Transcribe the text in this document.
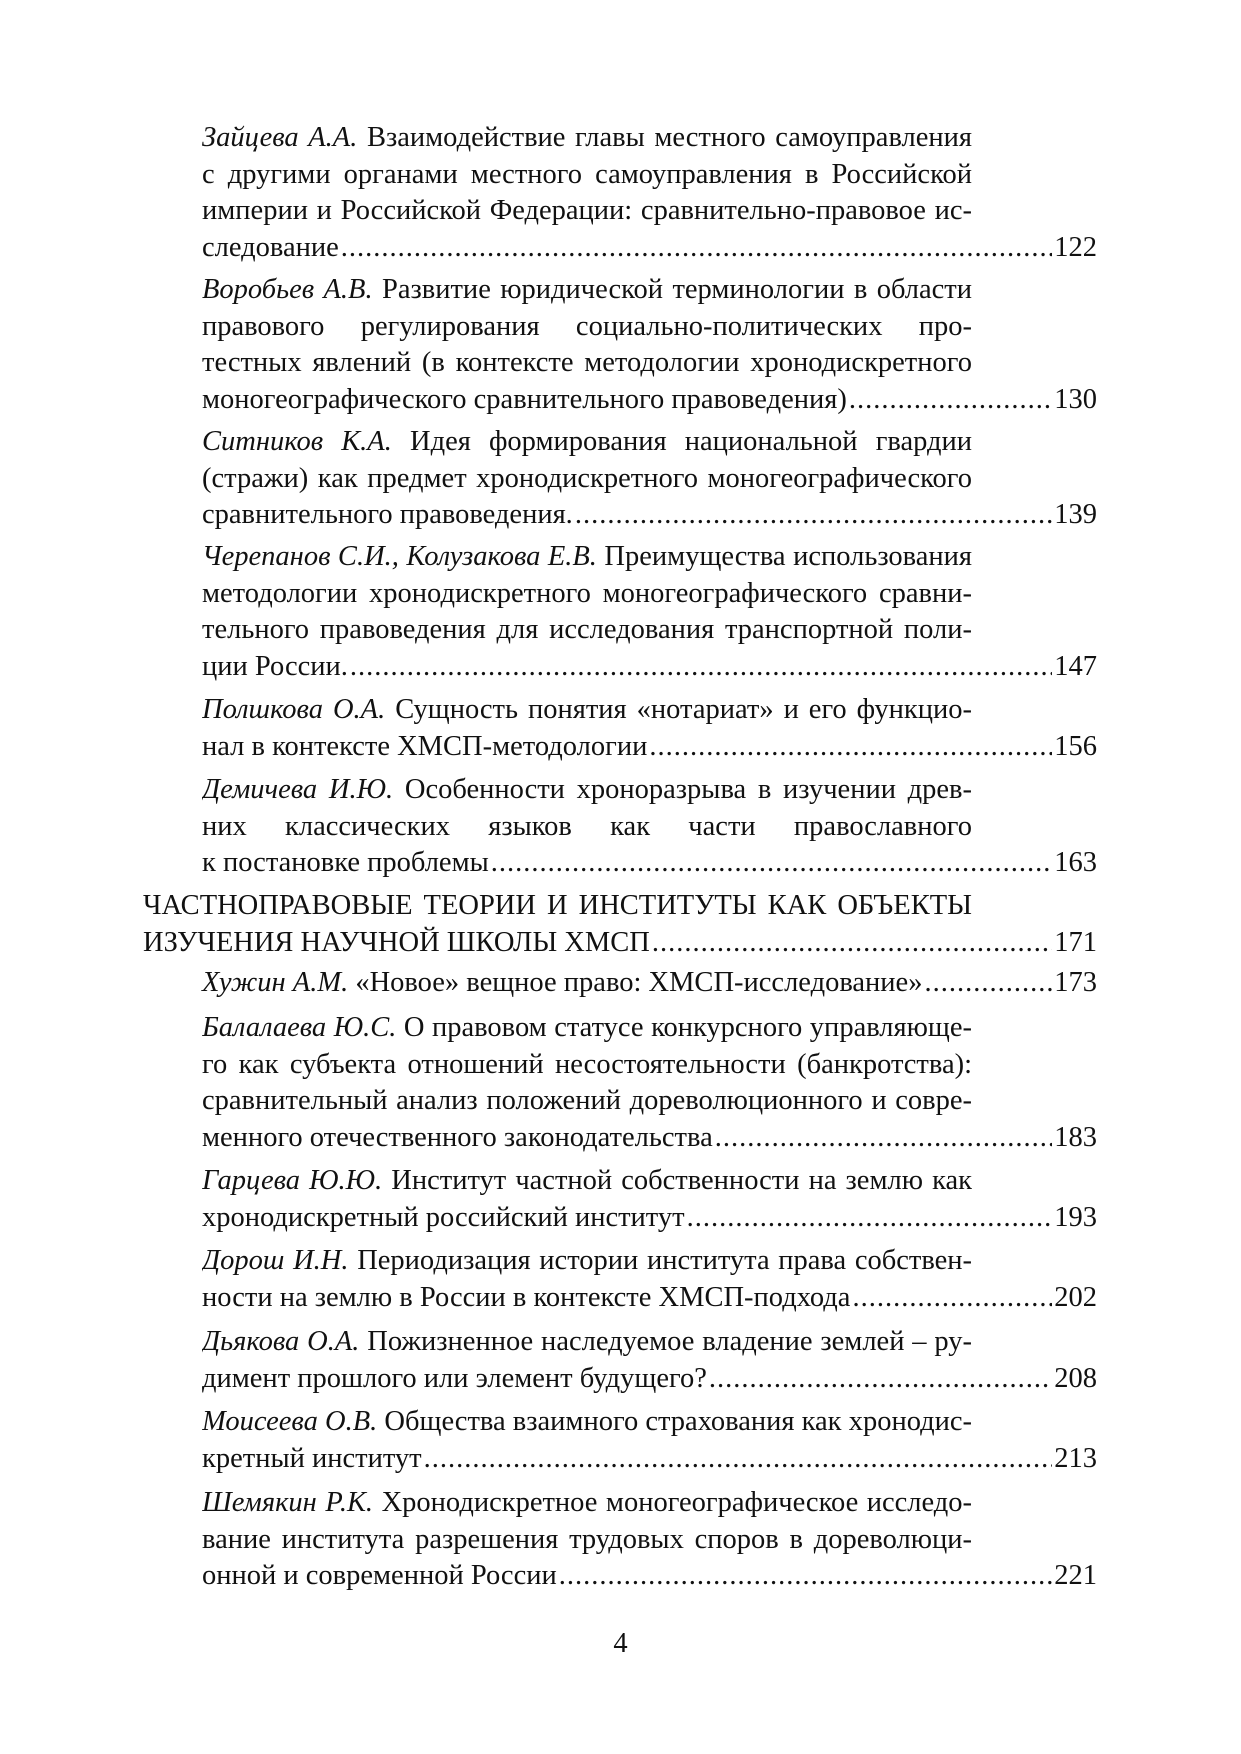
Зайцева А.А. Взаимодействие главы местного самоуправления
с другими органами местного самоуправления в Российской
империи и Российской Федерации: сравнительно-правовое ис-
следование .....	122
Воробьев А.В. Развитие юридической терминологии в области
правового регулирования социально-политических про-
тестных явлений (в контексте методологии хронодискретного
моногеографического сравнительного правоведения) .....	130
Ситников К.А. Идея формирования национальной гвардии
(стражи) как предмет хронодискретного моногеографического
сравнительного правоведения. .....	139
Черепанов С.И., Колузакова Е.В. Преимущества использования
методологии хронодискретного моногеографического сравни-
тельного правоведения для исследования транспортной поли-
ции России. .....	147
Полшкова О.А. Сущность понятия «нотариат» и его функцио-
нал в контексте ХМСП-методологии .....	156
Демичева И.Ю. Особенности хроноразрыва в изучении древ-
них классических языков как части православного
к постановке проблемы .....	163
ЧАСТНОПРАВОВЫЕ ТЕОРИИ И ИНСТИТУТЫ КАК ОБЪЕКТЫ
ИЗУЧЕНИЯ НАУЧНОЙ ШКОЛЫ ХМСП .....	171
Хужин А.М. «Новое» вещное право: ХМСП-исследование» .....	173
Балалаева Ю.С. О правовом статусе конкурсного управляюще-
го как субъекта отношений несостоятельности (банкротства):
сравнительный анализ положений дореволюционного и совре-
менного отечественного законодательства .....	183
Гарцева Ю.Ю. Институт частной собственности на землю как
хронодискретный российский институт .....	193
Дорош И.Н. Периодизация истории института права собствен-
ности на землю в России в контексте ХМСП-подхода .....	202
Дьякова О.А. Пожизненное наследуемое владение землей – ру-
димент прошлого или элемент будущего? .....	208
Моисеева О.В. Общества взаимного страхования как хронодис-
кретный институт .....	213
Шемякин Р.К. Хронодискретное моногеографическое исследо-
вание института разрешения трудовых споров в дореволюци-
онной и современной России .....	221
4
